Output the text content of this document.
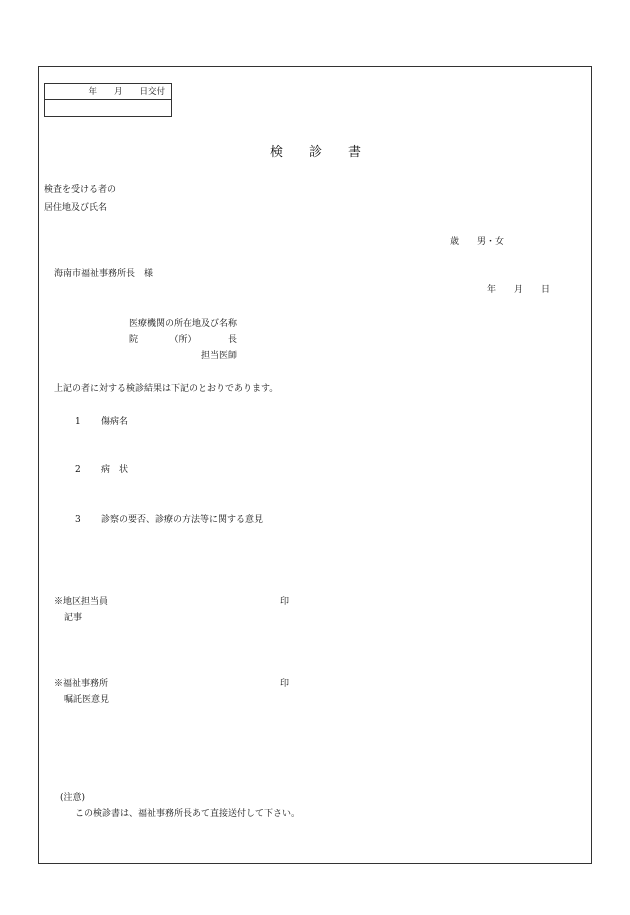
年　　月　　日交付
検　　診　　書
検査を受ける者の
居住地及び氏名
歳　　男・女
海南市福祉事務所長　様
年　　月　　日
医療機関の所在地及び名称
院　　　　（所）　　　　長
担当医師
上記の者に対する検診結果は下記のとおりであります。
1 傷病名
2 病　状
3 診察の要否、診療の方法等に関する意見
※地区担当員	印
記事
※福祉事務所	印
嘱託医意見
(注意)
この検診書は、福祉事務所長あて直接送付して下さい。
